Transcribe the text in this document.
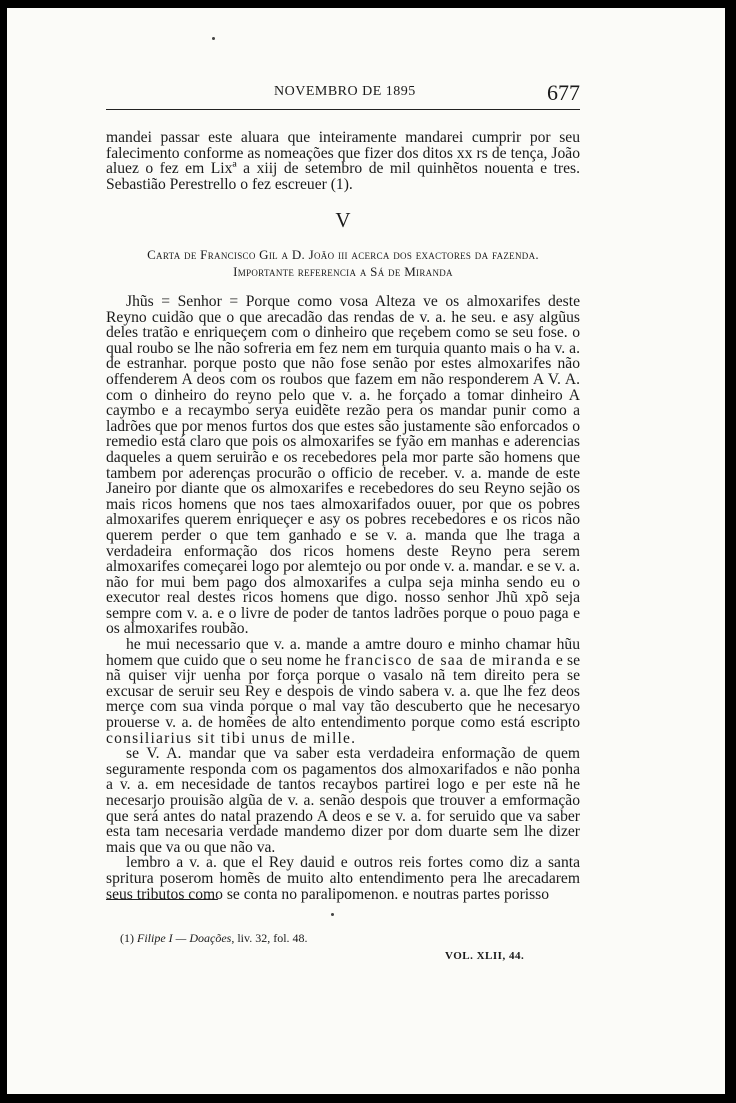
NOVEMBRO DE 1895	677

mandei passar este aluara que inteiramente mandarei cumprir por seu falecimento conforme as nomeações que fizer dos ditos xx rs de tença, João aluez o fez em Lixª a xiij de setembro de mil quinhẽtos nouenta e tres. Sebastião Perestrello o fez escreuer (1).

V
Carta de Francisco Gil a D. João iii acerca dos exactores da fazenda.
Importante referencia a Sá de Miranda

Jhũs = Senhor = Porque como vosa Alteza ve os almoxarifes deste Reyno cuidão que o que arecadão das rendas de v. a. he seu. e asy algũus deles tratão e enriqueçem com o dinheiro que reçebem como se seu fose. o qual roubo se lhe não sofreria em fez nem em turquia quanto mais o ha v. a. de estranhar. porque posto que não fose senão por estes almoxarifes não offenderem A deos com os roubos que fazem em não responderem A V. A. com o dinheiro do reyno pelo que v. a. he forçado a tomar dinheiro A caymbo e a recaymbo serya euidẽte rezão pera os mandar punir como a ladrões que por menos furtos dos que estes são justamente são enforcados o remedio está claro que pois os almoxarifes se fyão em manhas e aderencias daqueles a quem seruirão e os recebedores pela mor parte são homens que tambem por aderenças procurão o officio de receber. v. a. mande de este Janeiro por diante que os almoxarifes e recebedores do seu Reyno sejão os mais ricos homens que nos taes almoxarifados ouuer, por que os pobres almoxarifes querem enriqueçer e asy os pobres recebedores e os ricos não querem perder o que tem ganhado e se v. a. manda que lhe traga a verdadeira enformação dos ricos homens deste Reyno pera serem almoxarifes começarei logo por alemtejo ou por onde v. a. mandar. e se v. a. não for mui bem pago dos almoxarifes a culpa seja minha sendo eu o executor real destes ricos homens que digo. nosso senhor Jhũ xpõ seja sempre com v. a. e o livre de poder de tantos ladrões porque o pouo paga e os almoxarifes roubão.

he mui necessario que v. a. mande a amtre douro e minho chamar hũu homem que cuido que o seu nome he francisco de saa de miranda e se nã quiser vijr uenha por força porque o vasalo nã tem direito pera se excusar de seruir seu Rey e despois de vindo sabera v. a. que lhe fez deos merçe com sua vinda porque o mal vay tão descuberto que he necesaryo prouerse v. a. de homẽes de alto entendimento porque como está escripto consiliarius sit tibi unus de mille.

se V. A. mandar que va saber esta verdadeira enformação de quem seguramente responda com os pagamentos dos almoxarifados e não ponha a v. a. em necesidade de tantos recaybos partirei logo e per este nã he necesarjo prouisão algũa de v. a. senão despois que trouver a emformação que será antes do natal prazendo A deos e se v. a. for seruido que va saber esta tam necesaria verdade mandemo dizer por dom duarte sem lhe dizer mais que va ou que não va.

lembro a v. a. que el Rey dauid e outros reis fortes como diz a santa spritura poserom homẽs de muito alto entendimento pera lhe arecadarem seus tributos como se conta no paralipomenon. e noutras partes porisso

(1) Filipe I — Doações, liv. 32, fol. 48.
VOL. XLII, 44.
